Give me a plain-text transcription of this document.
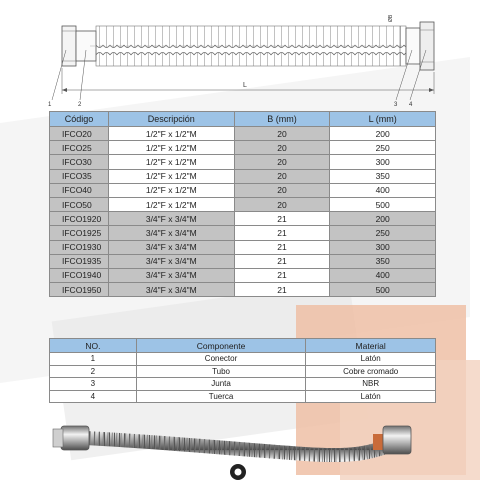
ØB
L
1	2	3 4
Código	Descripción	B (mm)	L (mm)
IFCO20	1/2"F x 1/2"M	20	200
IFCO25	1/2"F x 1/2"M	20	250
IFCO30	1/2"F x 1/2"M	20	300
IFCO35	1/2"F x 1/2"M	20	350
IFCO40	1/2"F x 1/2"M	20	400
IFCO50	1/2"F x 1/2"M	20	500
IFCO1920	3/4"F x 3/4"M	21	200
IFCO1925	3/4"F x 3/4"M	21	250
IFCO1930	3/4"F x 3/4"M	21	300
IFCO1935	3/4"F x 3/4"M	21	350
IFCO1940	3/4"F x 3/4"M	21	400
IFCO1950	3/4"F x 3/4"M	21	500
NO.	Componente	Material
1	Conector	Latón
2	Tubo	Cobre cromado
3	Junta	NBR
4	Tuerca	Latón
